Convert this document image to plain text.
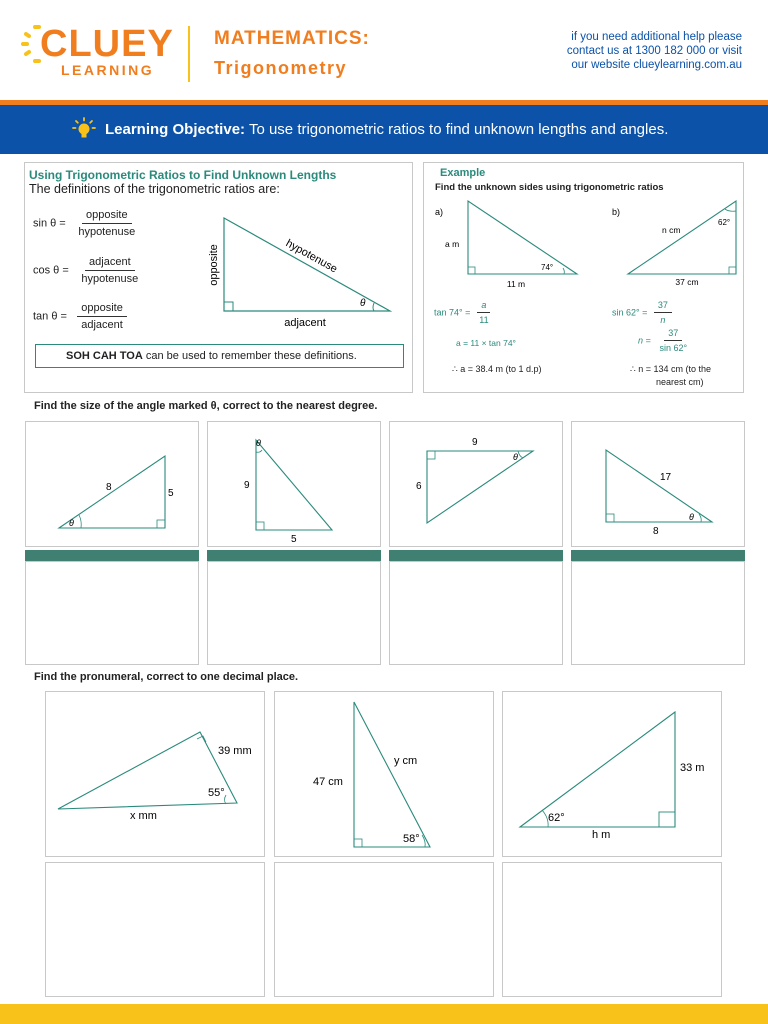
CLUEY
LEARNING
MATHEMATICS:
Trigonometry
if you need additional help please
contact us at 1300 182 000 or visit
our website clueylearning.com.au
Learning Objective: To use trigonometric ratios to find unknown lengths and angles.
Using Trigonometric Ratios to Find Unknown Lengths
The definitions of the trigonometric ratios are:
$\sin \theta = \frac{\text{opposite}}{\text{hypotenuse}}$
$\cos \theta = \frac{\text{adjacent}}{\text{hypotenuse}}$
$\tan \theta = \frac{\text{opposite}}{\text{adjacent}}$
opposite	hypotenuse
adjacent
θ
SOH CAH TOA can be used to remember these definitions.
Example
Find the unknown sides using trigonometric ratios
a)
a m
74°
11 m
b)
n cm
62°
37 cm
$\tan 74^\circ = \frac{a}{11}$
a = 11 × tan 74°
∴ a = 38.4 m (to 1 d.p)
$\sin 62^\circ = \frac{37}{n}$
$n = \frac{37}{\sin 62^\circ}$
∴ n = 134 cm (to the
nearest cm)
Find the size of the angle marked θ, correct to the nearest degree.
8
5
θ
9
5
θ	9
6
θ
17
8
θ
Find the pronumeral, correct to one decimal place.
39 mm
55°
x mm
47 cm
y cm
58°
33 m
62°
h m
